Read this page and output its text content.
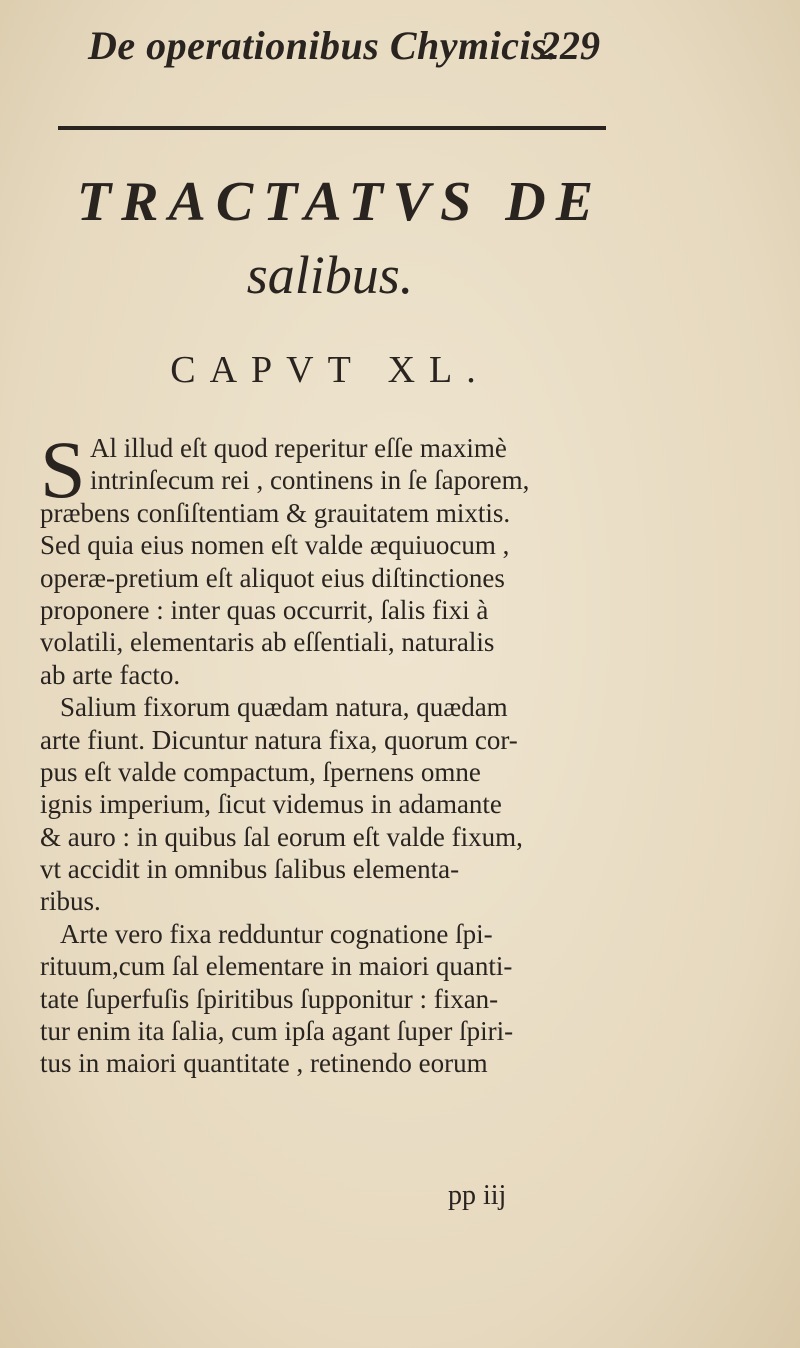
De operationibus Chymicis.
229
TRACTATVS DE
salibus.
CAPVT XL.
S Al illud eſt quod reperitur eſſe maximè
intrinſecum rei , continens in ſe ſaporem,
præbens conſiſtentiam & grauitatem mixtis.
Sed quia eius nomen eſt valde æquiuocum ,
operæ-pretium eſt aliquot eius diſtinctiones
proponere : inter quas occurrit, ſalis fixi à
volatili, elementaris ab eſſentiali, naturalis
ab arte facto.
Salium fixorum quædam natura, quædam
arte fiunt. Dicuntur natura fixa, quorum cor-
pus eſt valde compactum, ſpernens omne
ignis imperium, ſicut videmus in adamante
& auro : in quibus ſal eorum eſt valde fixum,
vt accidit in omnibus ſalibus elementa-
ribus.
Arte vero fixa redduntur cognatione ſpi-
rituum,cum ſal elementare in maiori quanti-
tate ſuperfuſis ſpiritibus ſupponitur : fixan-
tur enim ita ſalia, cum ipſa agant ſuper ſpiri-
tus in maiori quantitate , retinendo eorum
pp iij
